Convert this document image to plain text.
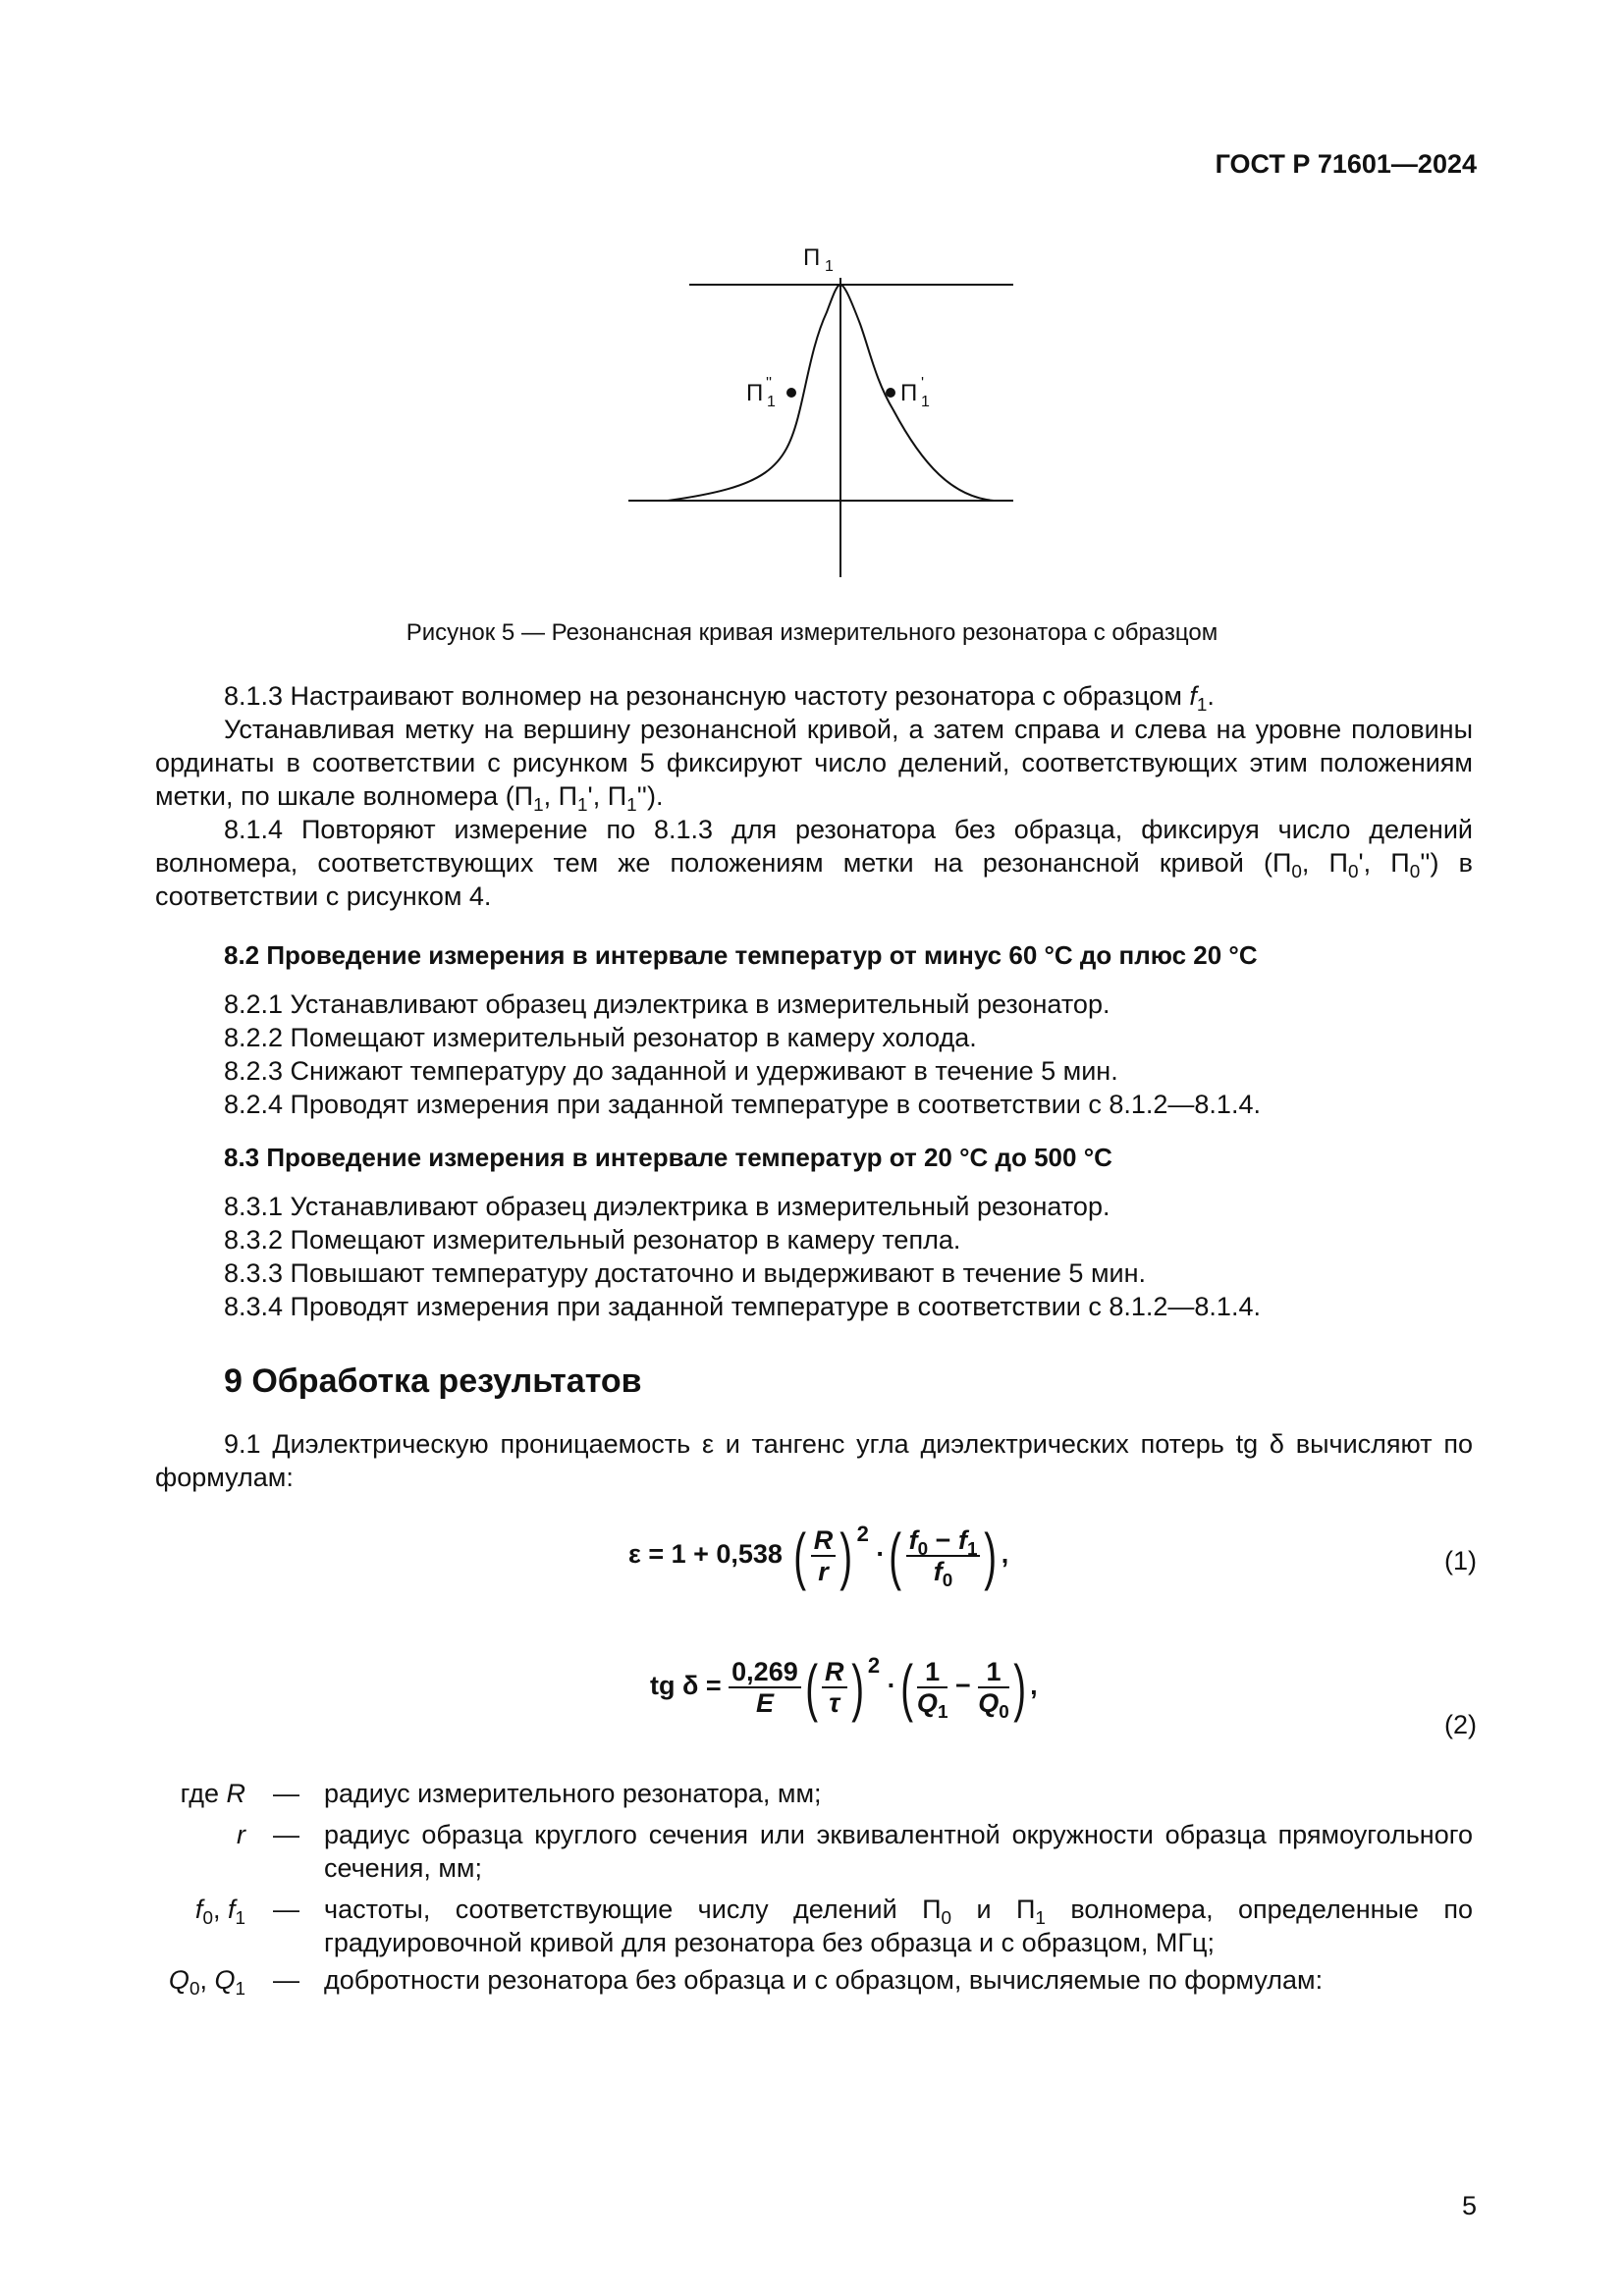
ГОСТ Р 71601—2024
П 1
П ''
1	П '
1
Рисунок 5 — Резонансная кривая измерительного резонатора с образцом
8.1.3 Настраивают волномер на резонансную частоту резонатора с образцом $f_1$.
Устанавливая метку на вершину резонансной кривой, а затем справа и слева на уровне половины ординаты в соответствии с рисунком 5 фиксируют число делений, соответствующих этим положениям метки, по шкале волномера ($П_1$, $П_1'$, $П_1''$).
8.1.4 Повторяют измерение по 8.1.3 для резонатора без образца, фиксируя число делений волномера, соответствующих тем же положениям метки на резонансной кривой ($П_0$, $П_0'$, $П_0''$) в соответствии с рисунком 4.
8.2 Проведение измерения в интервале температур от минус 60 °С до плюс 20 °С
8.2.1 Устанавливают образец диэлектрика в измерительный резонатор.
8.2.2 Помещают измерительный резонатор в камеру холода.
8.2.3 Снижают температуру до заданной и удерживают в течение 5 мин.
8.2.4 Проводят измерения при заданной температуре в соответствии с 8.1.2—8.1.4.
8.3 Проведение измерения в интервале температур от 20 °С до 500 °С
8.3.1 Устанавливают образец диэлектрика в измерительный резонатор.
8.3.2 Помещают измерительный резонатор в камеру тепла.
8.3.3 Повышают температуру достаточно и выдерживают в течение 5 мин.
8.3.4 Проводят измерения при заданной температуре в соответствии с 8.1.2—8.1.4.
9 Обработка результатов
9.1 Диэлектрическую проницаемость ε и тангенс угла диэлектрических потерь tg δ вычисляют по формулам:
ε = 1 + 0,538 ( $\frac{R}{r}$ ) $^2$ ·( $\frac{f_0 - f_1}{f_0}$ ) ,	(1)
tg $\delta = \frac{0,269}{E}$ ( $\frac{R}{\tau}$ ) $^2$ ·( $\frac{1}{Q_1} - \frac{1}{Q_0}$ ) ,
(2)
где R — радиус измерительного резонатора, мм;
r — радиус образца круглого сечения или эквивалентной окружности образца прямоугольного сечения, мм;
$f_0$, $f_1$ — частоты, соответствующие числу делений $П_0$ и $П_1$ волномера, определенные по градуировочной кривой для резонатора без образца и с образцом, МГц;
$Q_0$, $Q_1$ — добротности резонатора без образца и с образцом, вычисляемые по формулам:
5
